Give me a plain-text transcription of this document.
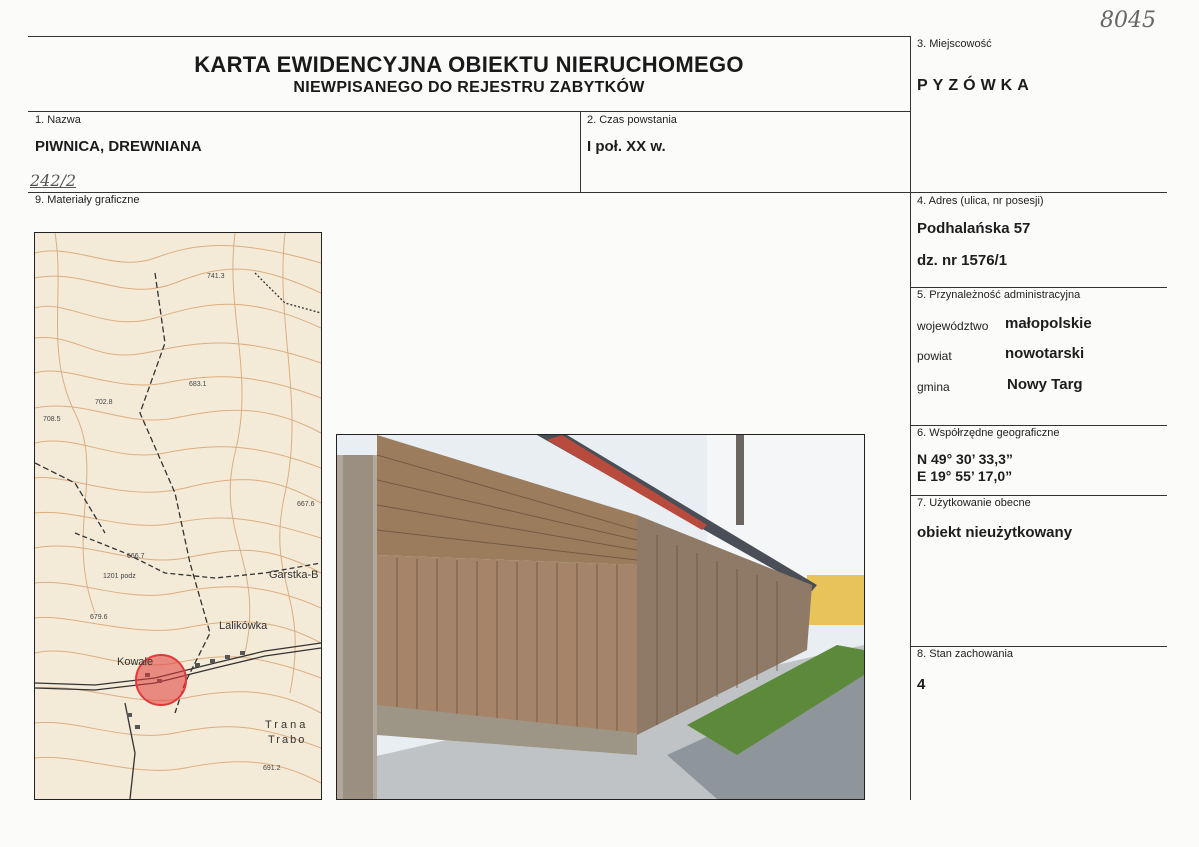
8045
KARTA EWIDENCYJNA OBIEKTU NIERUCHOMEGO
NIEWPISANEGO DO REJESTRU ZABYTKÓW
1. Nazwa
PIWNICA, DREWNIANA
242/2
2. Czas powstania
I poł. XX w.
3. Miejscowość
PYZÓWKA
4. Adres (ulica, nr posesji)
Podhalańska 57
dz. nr 1576/1
5. Przynależność administracyjna
województwo małopolskie
powiat	nowotarski
gmina	Nowy Targ
6. Współrzędne geograficzne
N 49° 30’ 33,3”
E 19° 55’ 17,0”
7. Użytkowanie obecne
obiekt nieużytkowany
8. Stan zachowania
4
9. Materiały graficzne
Garstka-B
Lalikówka
Kowale
Trana
Trabo
741.3
683.1
702.8
708.5
667.6
666.7
679.6
691.2
1201 podz
